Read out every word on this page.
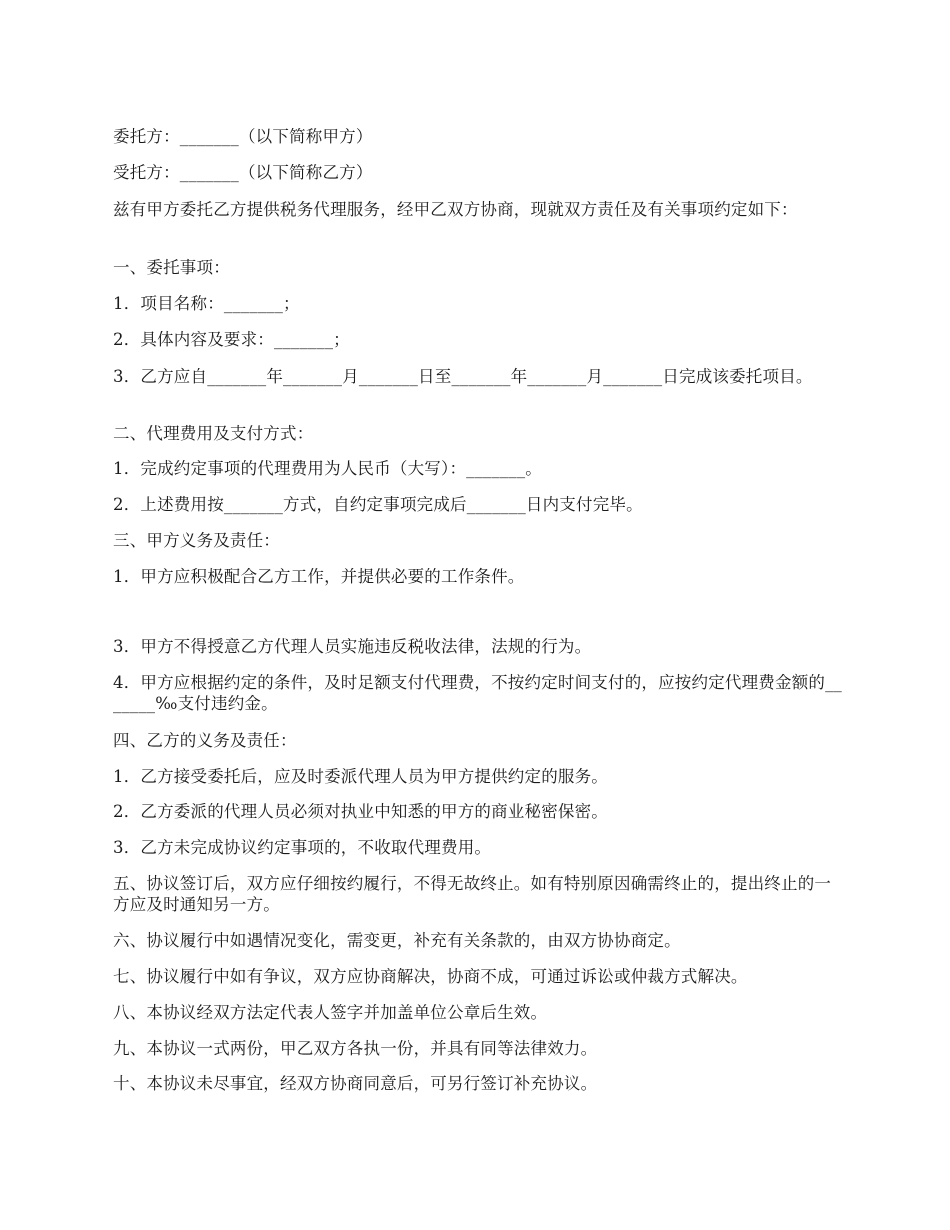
委托方：_______（以下简称甲方）

受托方：_______（以下简称乙方）

兹有甲方委托乙方提供税务代理服务，经甲乙双方协商，现就双方责任及有关事项约定如下：

一、委托事项：

1．项目名称：_______；

2．具体内容及要求：_______；

3．乙方应自_______年_______月_______日至_______年_______月_______日完成该委托项目。

二、代理费用及支付方式：

1．完成约定事项的代理费用为人民币（大写）：_______。

2．上述费用按_______方式，自约定事项完成后_______日内支付完毕。

三、甲方义务及责任：

1．甲方应积极配合乙方工作，并提供必要的工作条件。

3．甲方不得授意乙方代理人员实施违反税收法律，法规的行为。

4．甲方应根据约定的条件，及时足额支付代理费，不按约定时间支付的，应按约定代理费金额的_______‰支付违约金。

四、乙方的义务及责任：

1．乙方接受委托后，应及时委派代理人员为甲方提供约定的服务。

2．乙方委派的代理人员必须对执业中知悉的甲方的商业秘密保密。

3．乙方未完成协议约定事项的，不收取代理费用。

五、协议签订后，双方应仔细按约履行，不得无故终止。如有特别原因确需终止的，提出终止的一方应及时通知另一方。

六、协议履行中如遇情况变化，需变更，补充有关条款的，由双方协协商定。

七、协议履行中如有争议，双方应协商解决，协商不成，可通过诉讼或仲裁方式解决。

八、本协议经双方法定代表人签字并加盖单位公章后生效。

九、本协议一式两份，甲乙双方各执一份，并具有同等法律效力。

十、本协议未尽事宜，经双方协商同意后，可另行签订补充协议。
